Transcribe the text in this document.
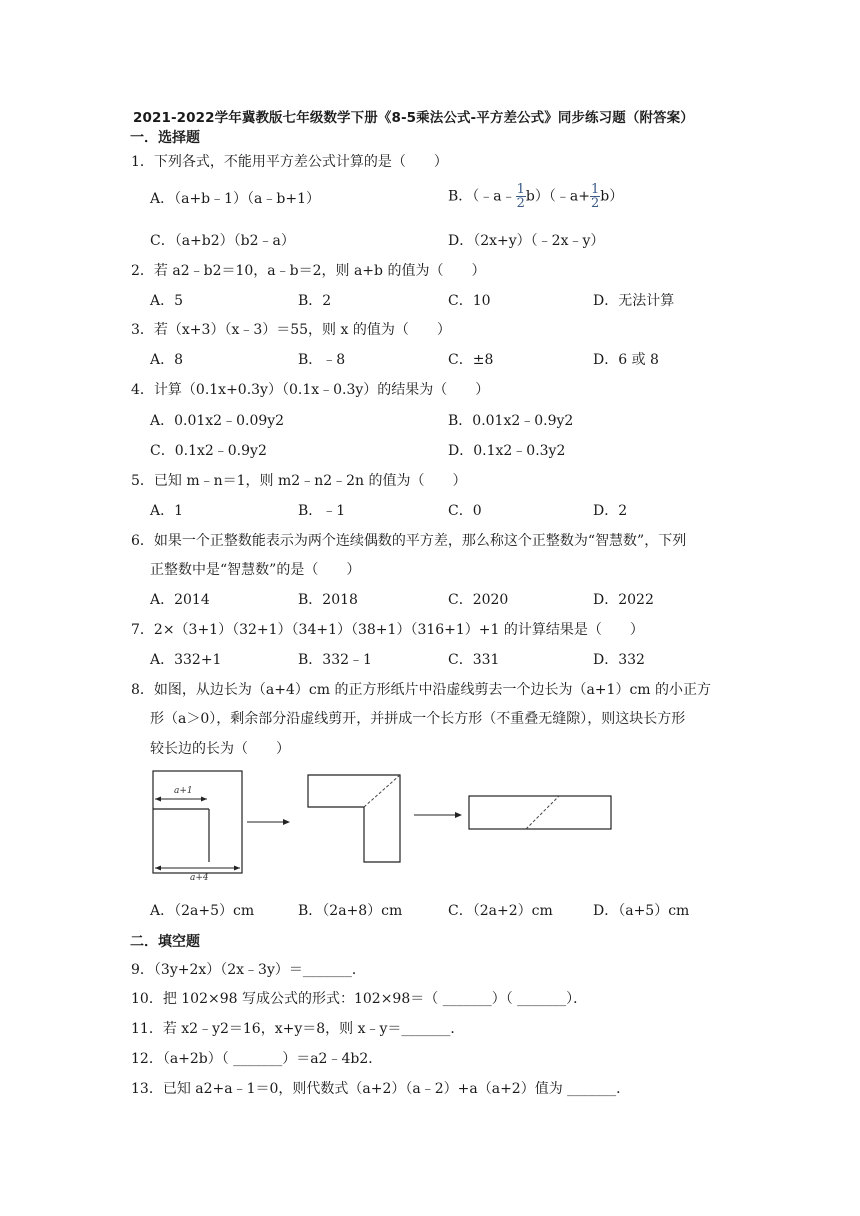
2021-2022学年冀教版七年级数学下册《8-5乘法公式-平方差公式》同步练习题（附答案）
一．选择题
1．下列各式，不能用平方差公式计算的是（　　）
A．（a+b﹣1）（a﹣b+1）	B．（﹣a﹣ $\frac{1}{2}$ b）（﹣a+ $\frac{1}{2} b$）
C．（a+b2）（b2﹣a）	D．（2x+y）（﹣2x﹣y）
2．若 a2﹣b2＝10，a﹣b＝2，则 a+b 的值为（　　）
A．5	B．2	C．10	D．无法计算
3．若（x+3）（x﹣3）＝55，则 x 的值为（　　）
A．8	B．﹣8	C．±8	D．6 或 8
4．计算（0.1x+0.3y）（0.1x﹣0.3y）的结果为（　　）
A．0.01x2﹣0.09y2	B．0.01x2﹣0.9y2
C．0.1x2﹣0.9y2	D．0.1x2﹣0.3y2
5．已知 m﹣n＝1，则 m2﹣n2﹣2n 的值为（　　）
A．1	B．﹣1	C．0	D．2
6．如果一个正整数能表示为两个连续偶数的平方差，那么称这个正整数为“智慧数”，下列
正整数中是“智慧数”的是（　　）
A．2014	B．2018	C．2020	D．2022
7．2×（3+1）（32+1）（34+1）（38+1）（316+1）+1 的计算结果是（　　）
A．332+1	B．332﹣1	C．331	D．332
8．如图，从边长为（a+4）cm 的正方形纸片中沿虚线剪去一个边长为（a+1）cm 的小正方
形（a＞0），剩余部分沿虚线剪开，并拼成一个长方形（不重叠无缝隙），则这块长方形
较长边的长为（　　）
a+1
a+4
A．（2a+5）cm	B．（2a+8）cm	C．（2a+2）cm	D．（a+5）cm
二．填空题
9．（3y+2x）（2x﹣3y）＝_______．
10．把 102×98 写成公式的形式：102×98＝（ _______）（ _______）．
11．若 x2﹣y2＝16，x+y＝8，则 x﹣y＝_______．
12．（a+2b）（ _______）＝a2﹣4b2．
13．已知 a2+a﹣1＝0，则代数式（a+2）（a﹣2）+a（a+2）值为 _______．
